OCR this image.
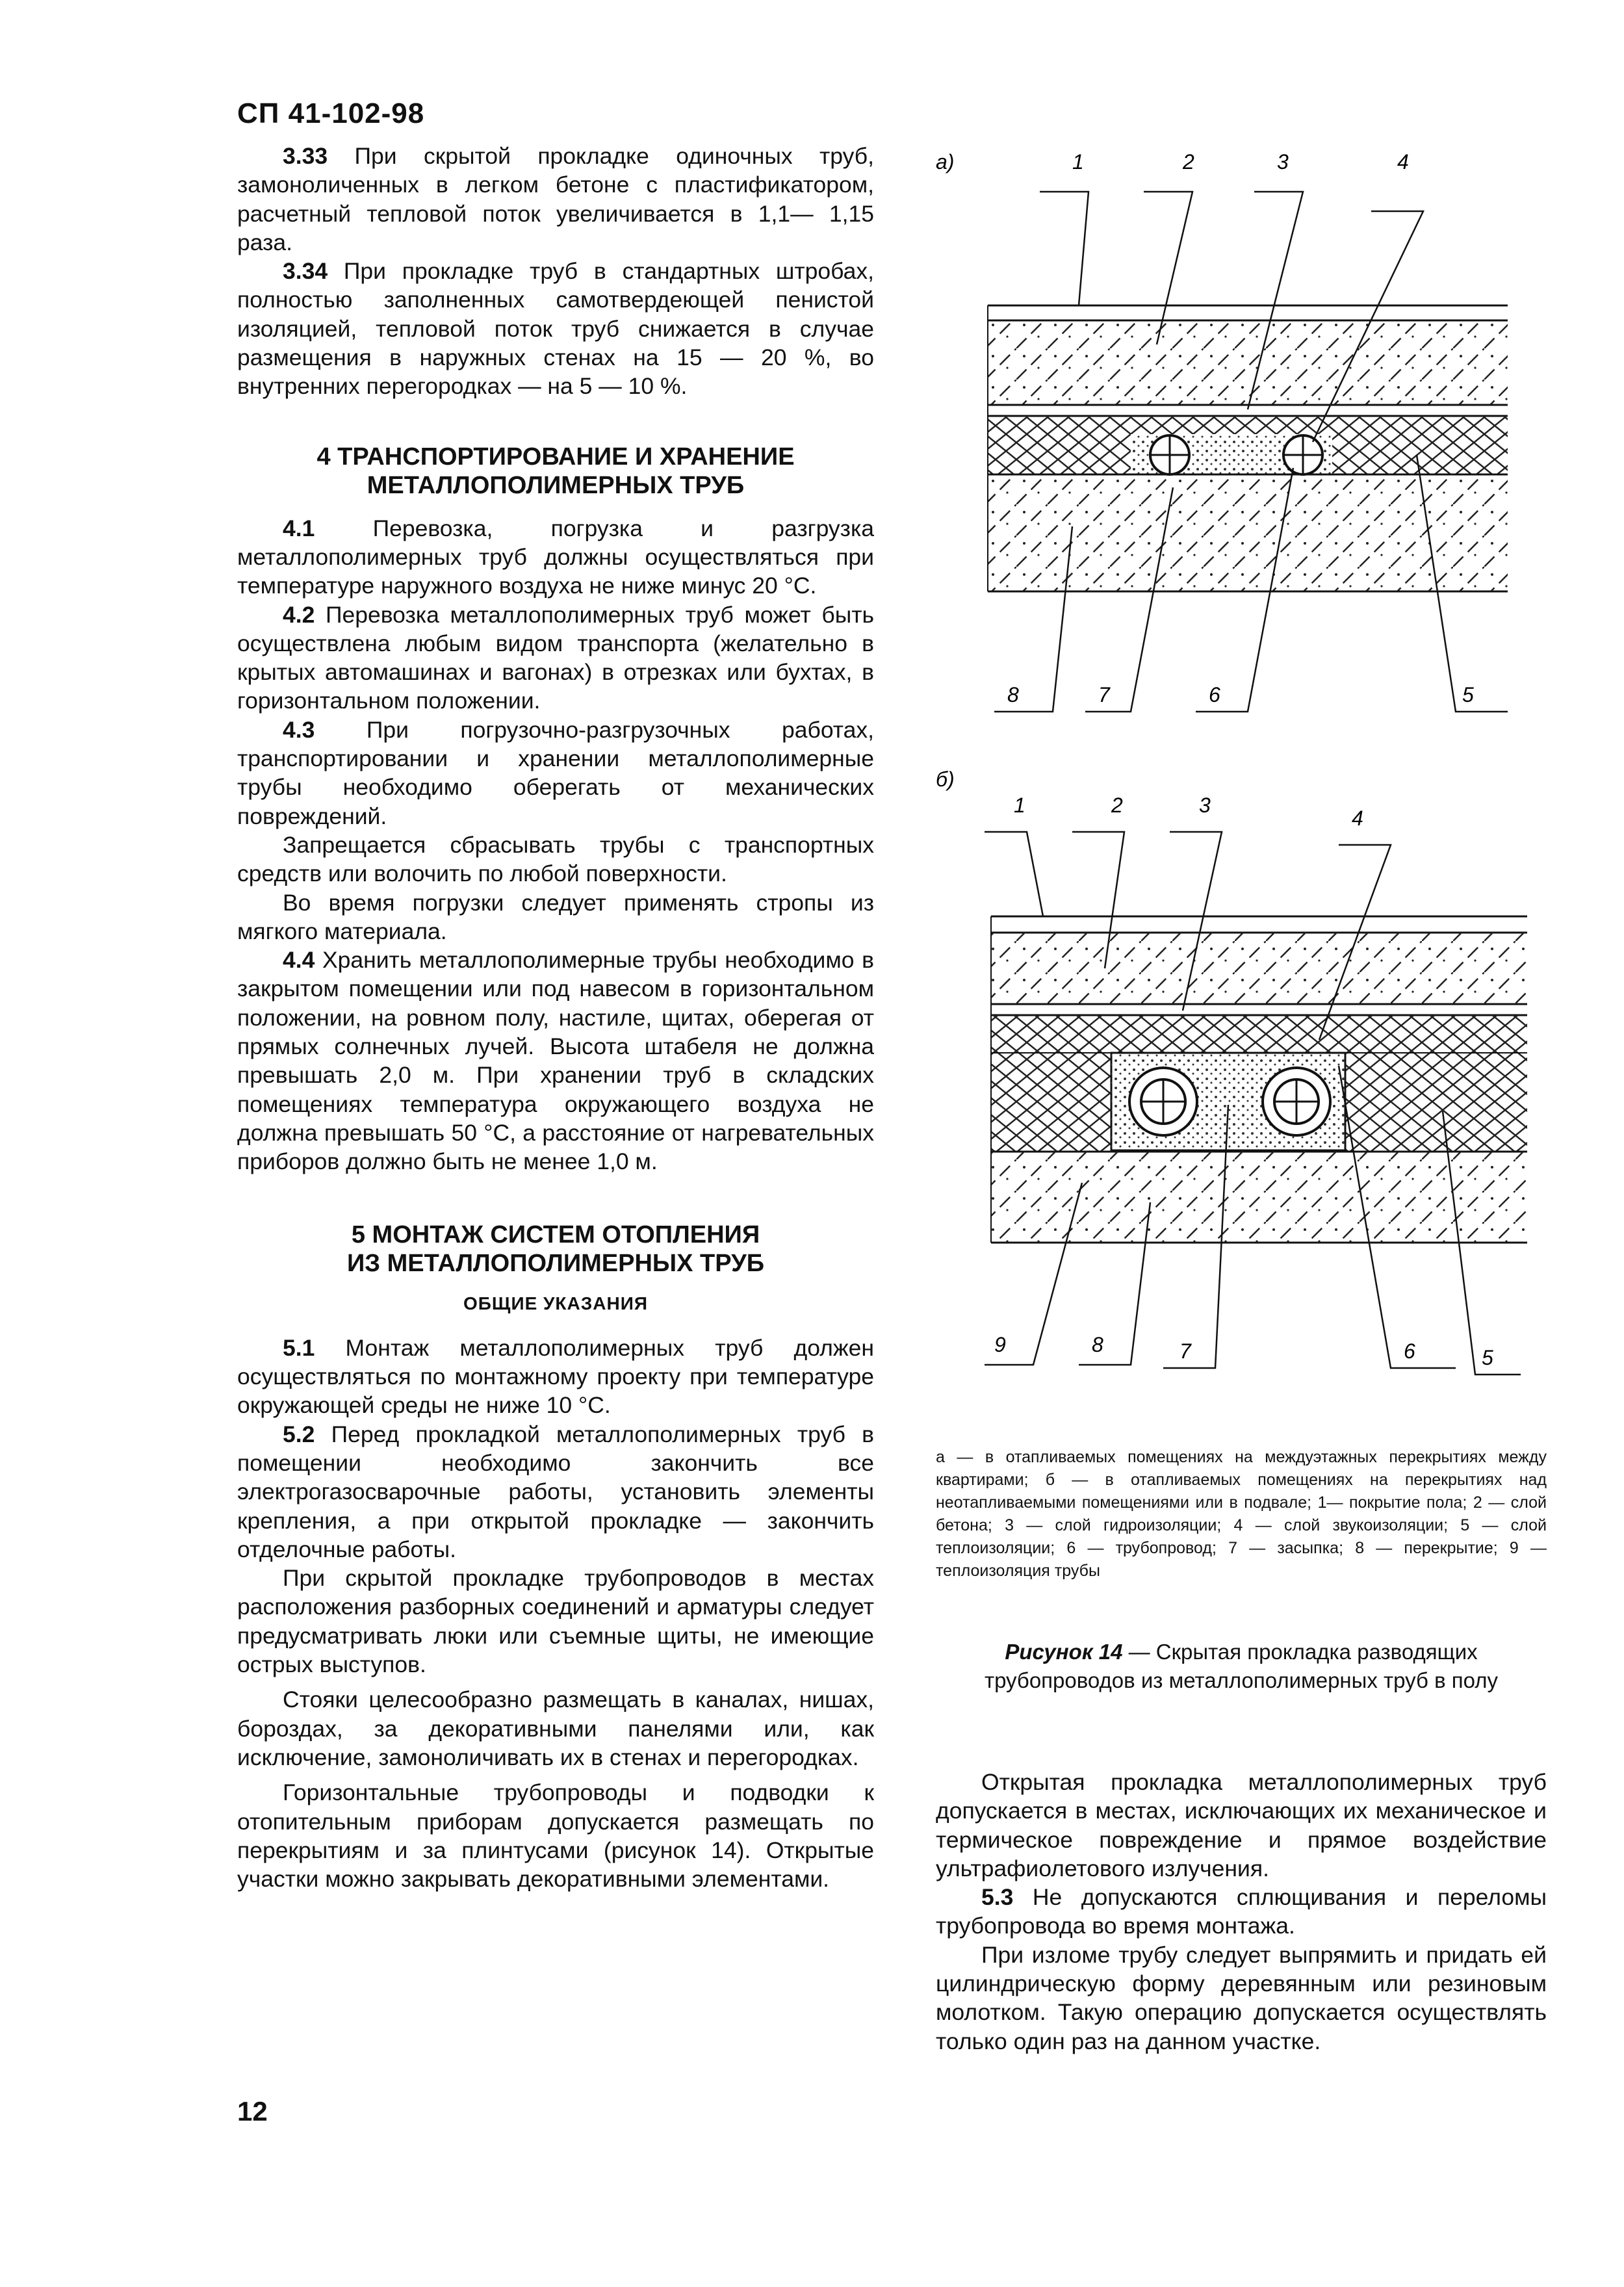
СП 41-102-98

3.33 При скрытой прокладке одиночных труб, замоноличенных в легком бетоне с пластификатором, расчетный тепловой поток увеличивается в 1,1— 1,15 раза.

3.34 При прокладке труб в стандартных штробах, полностью заполненных самотвердеющей пенистой изоляцией, тепловой поток труб снижается в случае размещения в наружных стенах на 15 — 20 %, во внутренних перегородках — на 5 — 10 %.

4 ТРАНСПОРТИРОВАНИЕ И ХРАНЕНИЕ

МЕТАЛЛОПОЛИМЕРНЫХ ТРУБ

4.1 Перевозка, погрузка и разгрузка металлополимерных труб должны осуществляться при температуре наружного воздуха не ниже минус 20 °С.

4.2 Перевозка металлополимерных труб может быть осуществлена любым видом транспорта (желательно в крытых автомашинах и вагонах) в отрезках или бухтах, в горизонтальном положении.

4.3 При погрузочно-разгрузочных работах, транспортировании и хранении металлополимерные трубы необходимо оберегать от механических повреждений.

Запрещается сбрасывать трубы с транспортных средств или волочить по любой поверхности.

Во время погрузки следует применять стропы из мягкого материала.

4.4 Хранить металлополимерные трубы необходимо в закрытом помещении или под навесом в горизонтальном положении, на ровном полу, настиле, щитах, оберегая от прямых солнечных лучей. Высота штабеля не должна превышать 2,0 м. При хранении труб в складских помещениях температура окружающего воздуха не должна превышать 50 °С, а расстояние от нагревательных приборов должно быть не менее 1,0 м.

5 МОНТАЖ СИСТЕМ ОТОПЛЕНИЯ

ИЗ МЕТАЛЛОПОЛИМЕРНЫХ ТРУБ

ОБЩИЕ УКАЗАНИЯ

5.1 Монтаж металлополимерных труб должен осуществляться по монтажному проекту при температуре окружающей среды не ниже 10 °С.

5.2 Перед прокладкой металлополимерных труб в помещении необходимо закончить все электрогазосварочные работы, установить элементы крепления, а при открытой прокладке — закончить отделочные работы.

При скрытой прокладке трубопроводов в местах расположения разборных соединений и арматуры следует предусматривать люки или съемные щиты, не имеющие острых выступов.

Стояки целесообразно размещать в каналах, нишах, бороздах, за декоративными панелями или, как исключение, замоноличивать их в стенах и перегородках.

Горизонтальные трубопроводы и подводки к отопительным приборам допускается размещать по перекрытиям и за плинтусами (рисунок 14). Открытые участки можно закрывать декоративными элементами.

а)	1	2	3	4
8	7	6	5
б)
1	2	3
4
9	8	7	6	5

а — в отапливаемых помещениях на междуэтажных перекрытиях между квартирами; б — в отапливаемых помещениях на перекрытиях над неотапливаемыми помещениями или в подвале; 1— покрытие пола; 2 — слой бетона; 3 — слой гидроизоляции; 4 — слой звукоизоляции; 5 — слой теплоизоляции; 6 — трубопровод; 7 — засыпка; 8 — перекрытие; 9 — теплоизоляция трубы

Рисунок 14 — Скрытая прокладка разводящих трубопроводов из металлополимерных труб в полу

Открытая прокладка металлополимерных труб допускается в местах, исключающих их механическое и термическое повреждение и прямое воздействие ультрафиолетового излучения.

5.3 Не допускаются сплющивания и переломы трубопровода во время монтажа.

При изломе трубу следует выпрямить и придать ей цилиндрическую форму деревянным или резиновым молотком. Такую операцию допускается осуществлять только один раз на данном участке.

12
